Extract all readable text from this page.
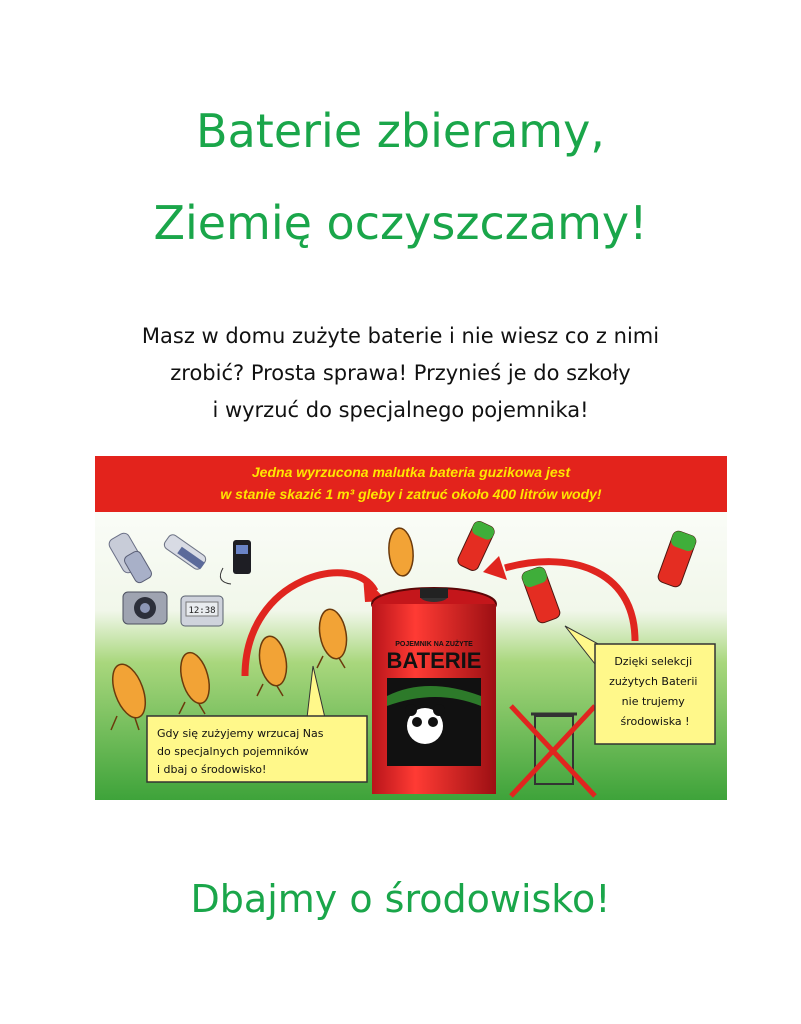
Baterie zbieramy,
Ziemię oczyszczamy!
Masz w domu zużyte baterie i nie wiesz co z nimi
zrobić? Prosta sprawa! Przynieś je do szkoły
i wyrzuć do specjalnego pojemnika!
Jedna wyrzucona malutka bateria guzikowa jest
w stanie skazić 1 m³ gleby i zatruć około 400 litrów wody!
12:38
POJEMNIK NA ZUŻYTE
BATERIE
Gdy się zużyjemy wrzucaj Nas do specjalnych pojemników i dbaj o środowisko!
Dzięki selekcji zużytych Baterii nie trujemy środowiska !
Dbajmy o środowisko!
